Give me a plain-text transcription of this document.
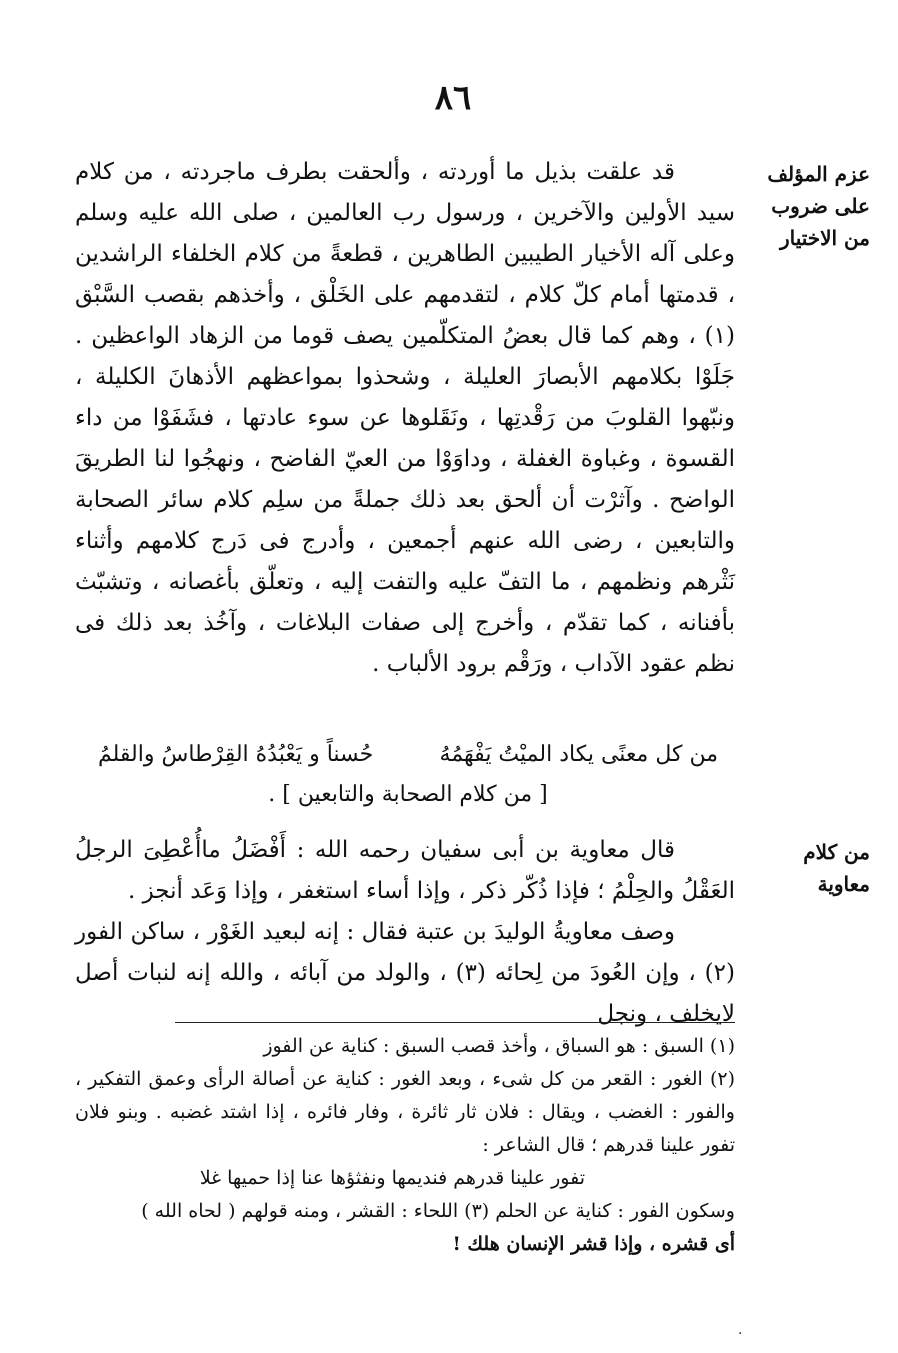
٨٦
عزم المؤلف على ضروب من الاختيار

قد علقت بذيل ما أوردته ، وألحقت بطرف ماجردته ، من كلام سيد الأولين والآخرين ، ورسول رب العالمين ، صلى الله عليه وسلم وعلى آله الأخيار الطيبين الطاهرين ، قطعةً من كلام الخلفاء الراشدين ، قدمتها أمام كلّ كلام ، لتقدمهم على الخَلْق ، وأخذهم بقصب السَّبْق (١) ، وهم كما قال بعضُ المتكلّمين يصف قوما من الزهاد الواعظين . جَلَوْا بكلامهم الأبصارَ العليلة ، وشحذوا بمواعظهم الأذهانَ الكليلة ، ونبّهوا القلوبَ من رَقْدتِها ، ونَقَلوها عن سوء عادتها ، فشَفَوْا من داء القسوة ، وغباوة الغفلة ، وداوَوْا من العيّ الفاضح ، ونهجُوا لنا الطريقَ الواضح . وآثرْت أن ألحق بعد ذلك جملةً من سلِم كلام سائر الصحابة والتابعين ، رضى الله عنهم أجمعين ، وأدرج فى دَرج كلامهم وأثناء نَثْرهم ونظمهم ، ما التفّ عليه والتفت إليه ، وتعلّق بأغصانه ، وتشبّث بأفنانه ، كما تقدّم ، وأخرج إلى صفات البلاغات ، وآخُذ بعد ذلك فى نظم عقود الآداب ، ورَقْم برود الألباب .

من كل معنًى يكاد الميْتُ يَفْهَمُهُ
حُسناً و يَعْبُدُهُ القِرْطاسُ والقلمُ
[ من كلام الصحابة والتابعين ] .
من كلام معاوية

قال معاوية بن أبى سفيان رحمه الله : أَفْضَلُ ماأُعْطِىَ الرجلُ العَقْلُ والحِلْمُ ؛ فإذا ذُكّر ذكر ، وإذا أساء استغفر ، وإذا وَعَد أنجز .

وصف معاويةُ الوليدَ بن عتبة فقال : إنه لبعيد الغَوْر ، ساكن الفور (٢) ، وإن العُودَ من لِحائه (٣) ، والولد من آبائه ، والله إنه لنبات أصل لايخلف ، ونجل

(١) السبق : هو السباق ، وأخذ قصب السبق : كناية عن الفوز

(٢) الغور : القعر من كل شىء ، وبعد الغور : كناية عن أصالة الرأى وعمق التفكير ، والفور : الغضب ، ويقال : فلان ثار ثائرة ، وفار فائره ، إذا اشتد غضبه . وبنو فلان تفور علينا قدرهم ؛ قال الشاعر :

تفور علينا قدرهم فنديمها ونفثؤها عنا إذا حميها غلا

وسكون الفور : كناية عن الحلم (٣) اللحاء : القشر ، ومنه قولهم ( لحاه الله )

أى قشره ، وإذا قشر الإنسان هلك !

·
